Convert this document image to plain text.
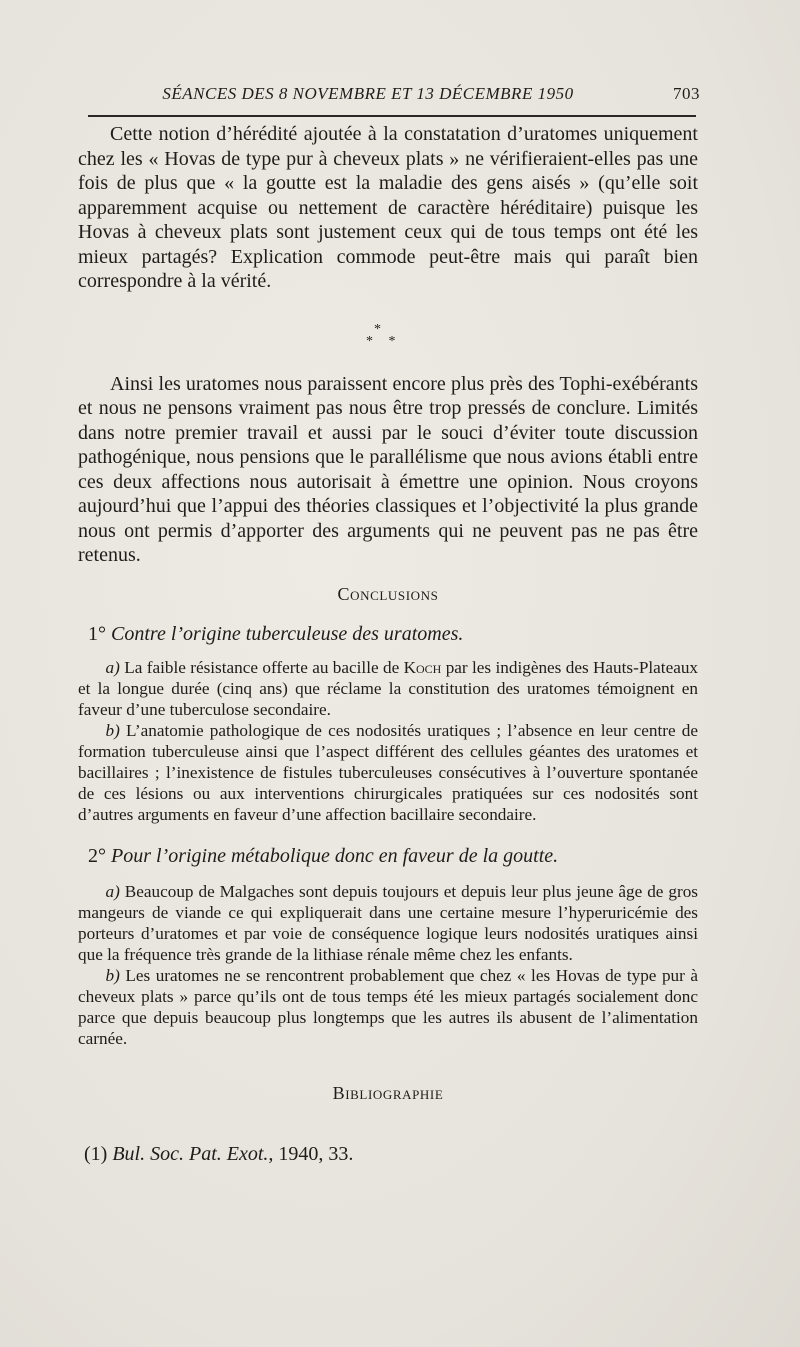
SÉANCES DES 8 NOVEMBRE ET 13 DÉCEMBRE 1950	703

Cette notion d’hérédité ajoutée à la constatation d’uratomes uniquement chez les « Hovas de type pur à cheveux plats » ne vérifieraient-elles pas une fois de plus que « la goutte est la maladie des gens aisés » (qu’elle soit apparemment acquise ou nettement de caractère héréditaire) puisque les Hovas à cheveux plats sont justement ceux qui de tous temps ont été les mieux partagés? Explication commode peut-être mais qui paraît bien correspondre à la vérité.

*
* *

Ainsi les uratomes nous paraissent encore plus près des Tophi-exébérants et nous ne pensons vraiment pas nous être trop pressés de conclure. Limités dans notre premier travail et aussi par le souci d’éviter toute discussion pathogénique, nous pensions que le parallélisme que nous avions établi entre ces deux affections nous autorisait à émettre une opinion. Nous croyons aujourd’hui que l’appui des théories classiques et l’objectivité la plus grande nous ont permis d’apporter des arguments qui ne peuvent pas ne pas être retenus.

Conclusions
1° Contre l’origine tuberculeuse des uratomes.

a) La faible résistance offerte au bacille de Koch par les indigènes des Hauts-Plateaux et la longue durée (cinq ans) que réclame la constitution des uratomes témoignent en faveur d’une tuberculose secondaire.

b) L’anatomie pathologique de ces nodosités uratiques ; l’absence en leur centre de formation tuberculeuse ainsi que l’aspect différent des cellules géantes des uratomes et bacillaires ; l’inexistence de fistules tuberculeuses consécutives à l’ouverture spontanée de ces lésions ou aux interventions chirurgicales pratiquées sur ces nodosités sont d’autres arguments en faveur d’une affection bacillaire secondaire.

2° Pour l’origine métabolique donc en faveur de la goutte.

a) Beaucoup de Malgaches sont depuis toujours et depuis leur plus jeune âge de gros mangeurs de viande ce qui expliquerait dans une certaine mesure l’hyperuricémie des porteurs d’uratomes et par voie de conséquence logique leurs nodosités uratiques ainsi que la fréquence très grande de la lithiase rénale même chez les enfants.

b) Les uratomes ne se rencontrent probablement que chez « les Hovas de type pur à cheveux plats » parce qu’ils ont de tous temps été les mieux partagés socialement donc parce que depuis beaucoup plus longtemps que les autres ils abusent de l’alimentation carnée.

Bibliographie
(1) Bul. Soc. Pat. Exot., 1940, 33.
